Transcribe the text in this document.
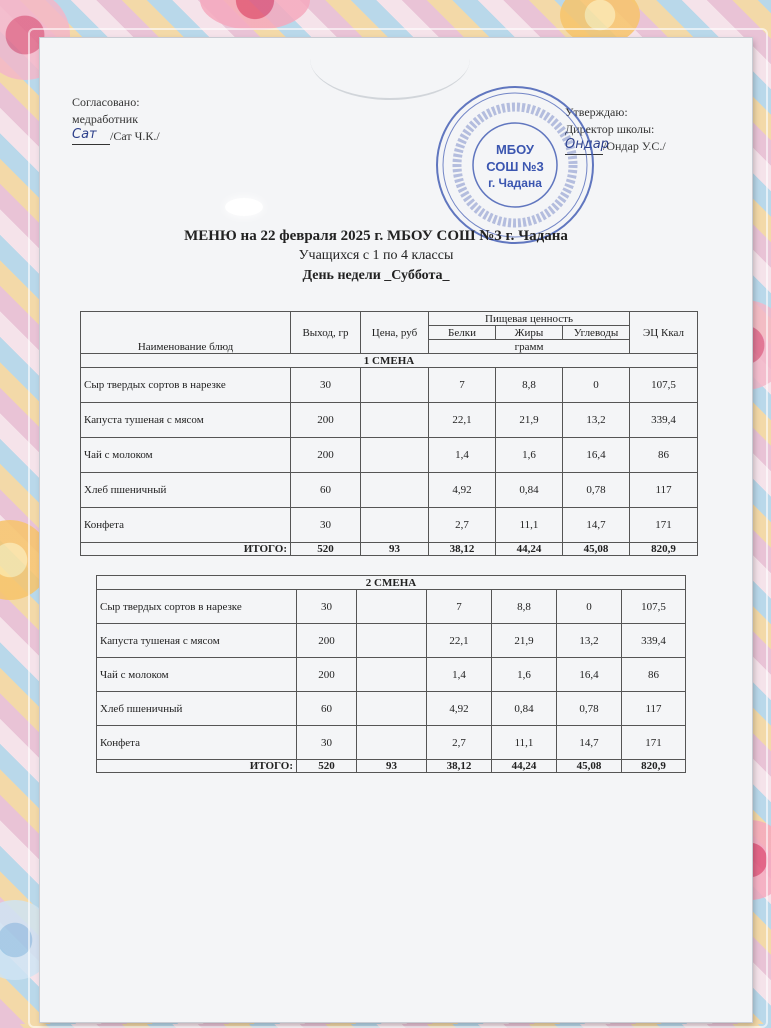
Согласовано:
медработник
Сат /Сат Ч.К./
Утверждаю:
Директор школы:
Ондар
/Ондар У.С./
МБОУ
СОШ №3
г. Чадана
МЕНЮ на 22 февраля 2025 г. МБОУ СОШ №3 г. Чадана
Учащихся с 1 по 4 классы
День недели _Суббота_
Наименование блюд	Выход, гр	Цена, руб	Пищевая ценность			ЭЦ Ккал
			Белки	Жиры	Углеводы	
			грамм			
1 СМЕНА						
Сыр твердых сортов в нарезке	30		7	8,8	0	107,5
Капуста тушеная с мясом	200		22,1	21,9	13,2	339,4
Чай с молоком	200		1,4	1,6	16,4	86
Хлеб пшеничный	60		4,92	0,84	0,78	117
Конфета	30		2,7	11,1	14,7	171
ИТОГО:	520	93	38,12	44,24	45,08	820,9
2 СМЕНА						
Сыр твердых сортов в нарезке	30		7	8,8	0	107,5
Капуста тушеная с мясом	200		22,1	21,9	13,2	339,4
Чай с молоком	200		1,4	1,6	16,4	86
Хлеб пшеничный	60		4,92	0,84	0,78	117
Конфета	30		2,7	11,1	14,7	171
ИТОГО:	520	93	38,12	44,24	45,08	820,9
